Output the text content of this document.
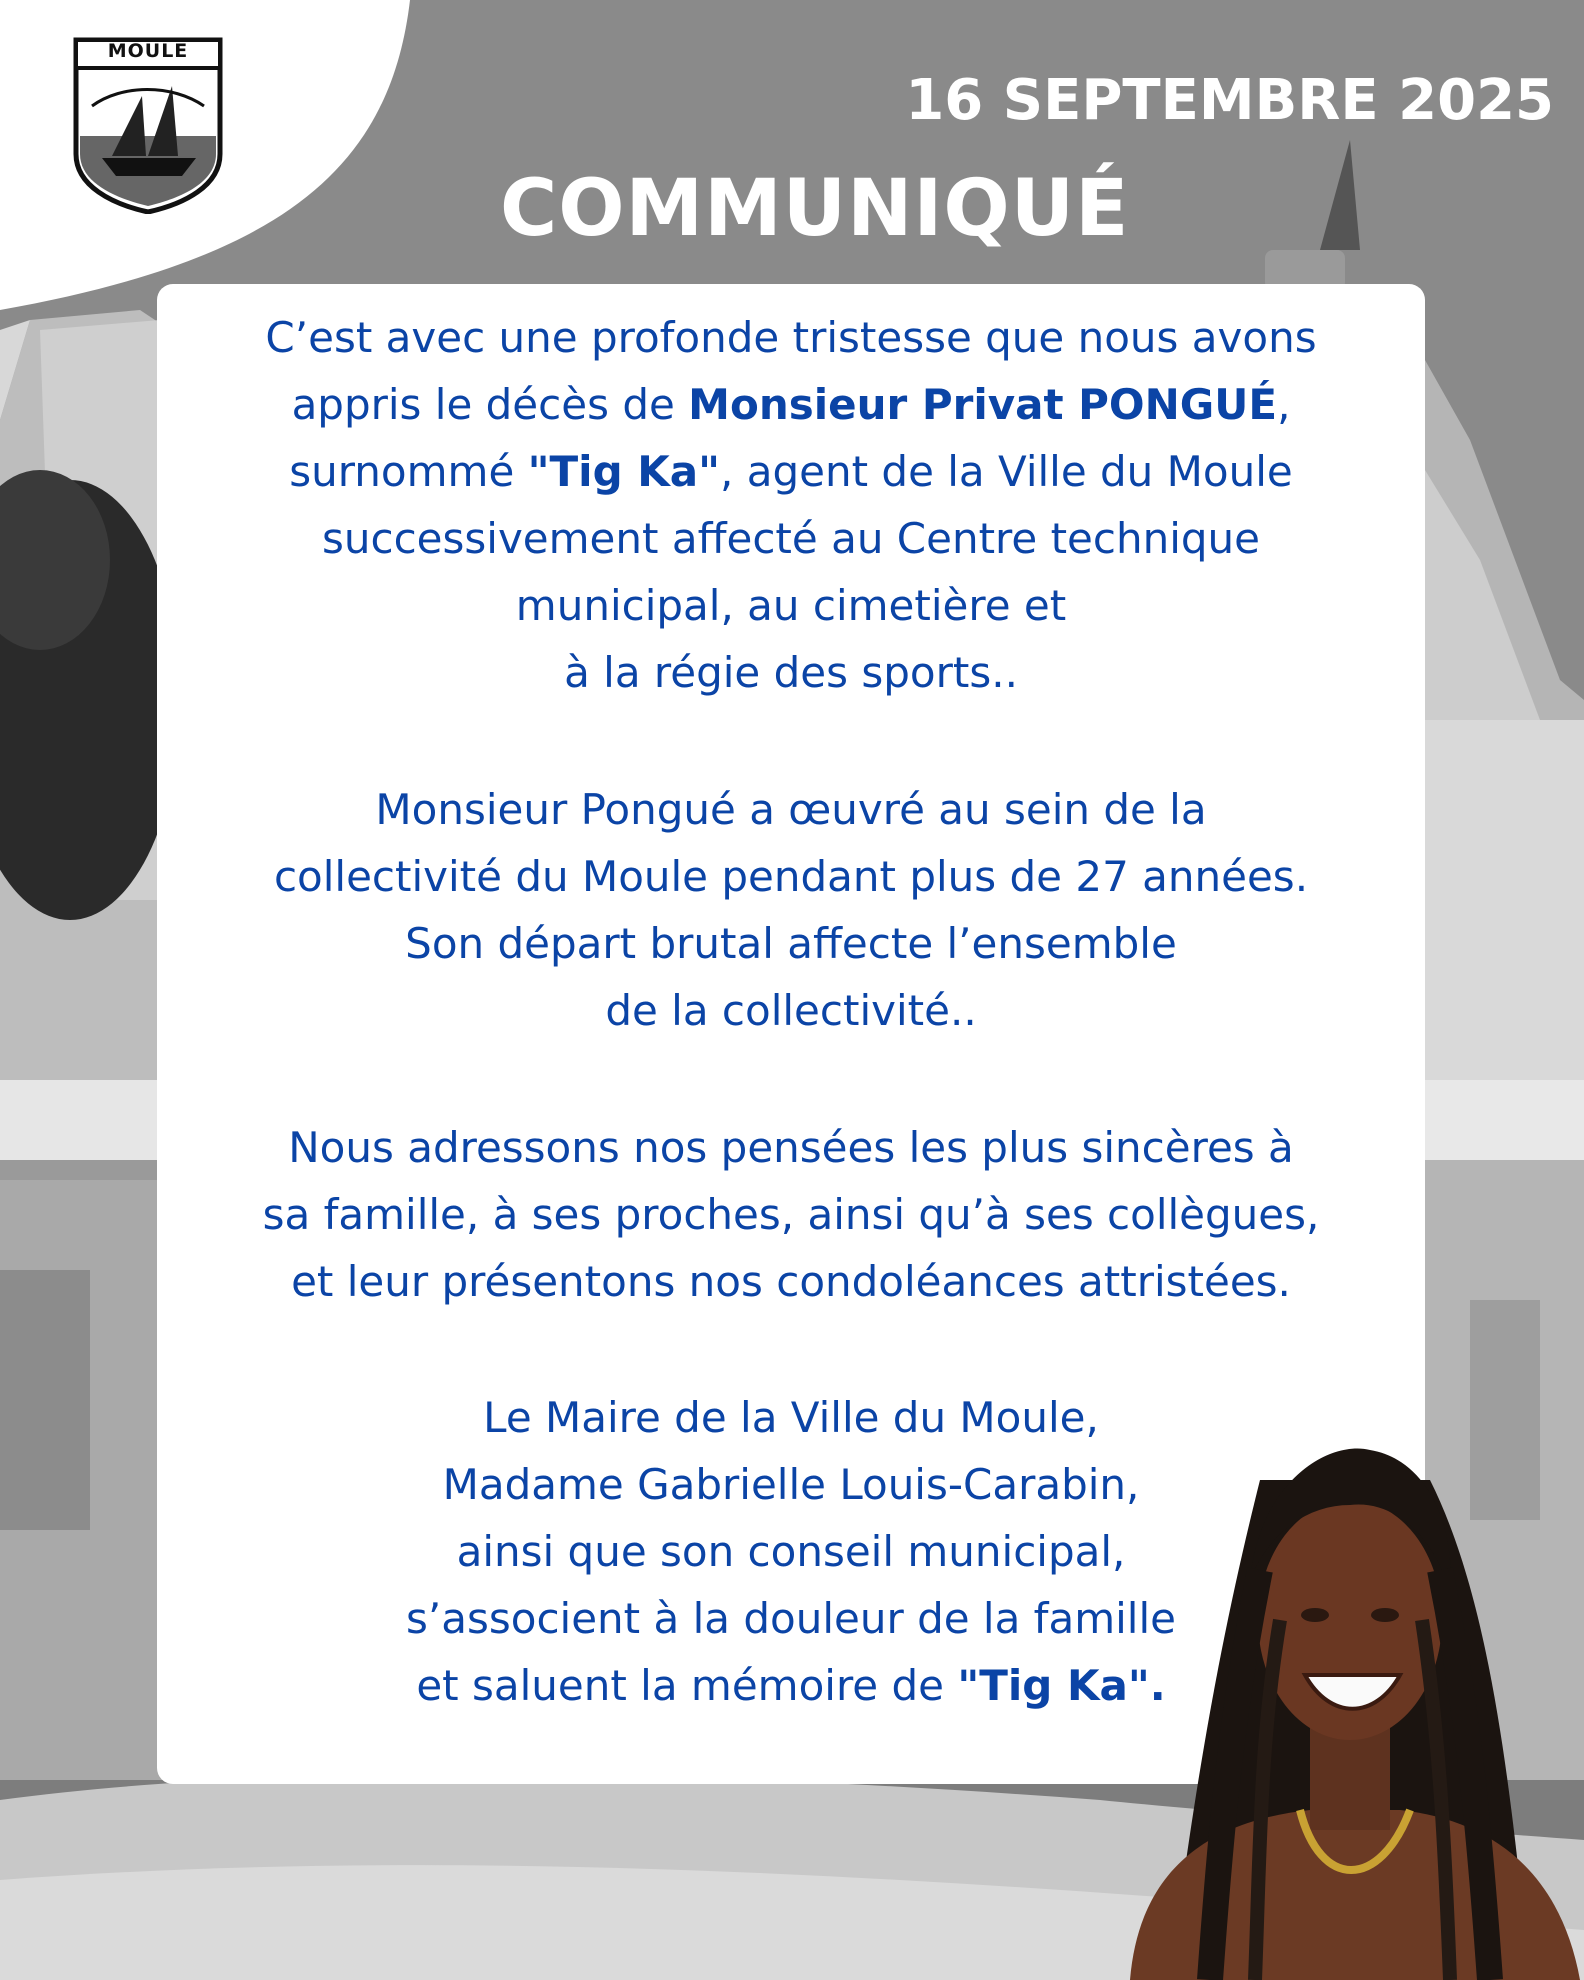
MOULE
16 SEPTEMBRE 2025
COMMUNIQUÉ
C’est avec une profonde tristesse que nous avons
appris le décès de Monsieur Privat PONGUÉ,
surnommé "Tig Ka", agent de la Ville du Moule
successivement affecté au Centre technique
municipal, au cimetière et
à la régie des sports..
Monsieur Pongué a œuvré au sein de la
collectivité du Moule pendant plus de 27 années.
Son départ brutal affecte l’ensemble
de la collectivité..
Nous adressons nos pensées les plus sincères à
sa famille, à ses proches, ainsi qu’à ses collègues,
et leur présentons nos condoléances attristées.
Le Maire de la Ville du Moule,
Madame Gabrielle Louis-Carabin,
ainsi que son conseil municipal,
s’associent à la douleur de la famille
et saluent la mémoire de "Tig Ka".
